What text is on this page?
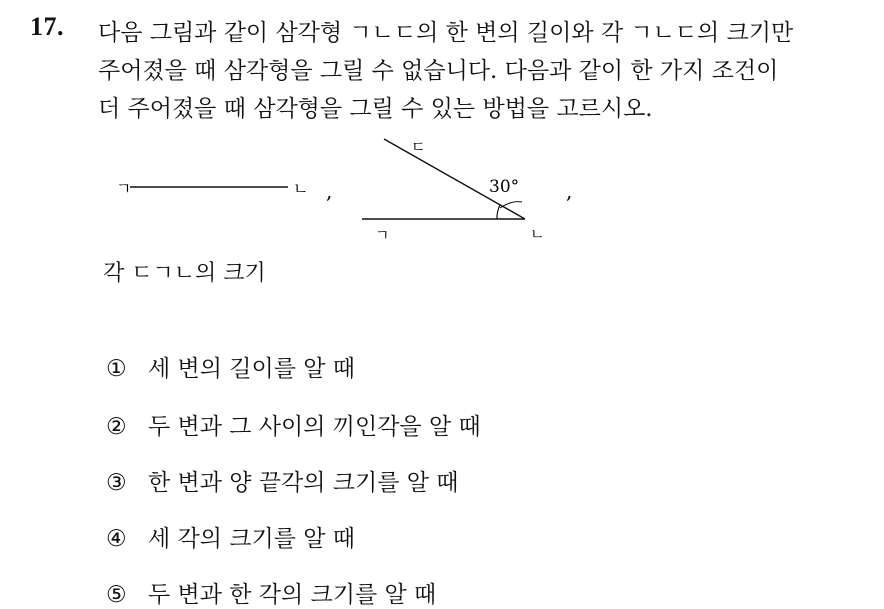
17. 다음 그림과 같이 삼각형 ㄱㄴㄷ의 한 변의 길이와 각 ㄱㄴㄷ의 크기만
주어졌을 때 삼각형을 그릴 수 없습니다. 다음과 같이 한 가지 조건이
더 주어졌을 때 삼각형을 그릴 수 있는 방법을 고르시오.
ㄱ	ㄴ ,
ㄷ
ㄱ	ㄴ
30° ,
각 ㄷㄱㄴ의 크기
① 세 변의 길이를 알 때
② 두 변과 그 사이의 끼인각을 알 때
③ 한 변과 양 끝각의 크기를 알 때
④ 세 각의 크기를 알 때
⑤ 두 변과 한 각의 크기를 알 때
